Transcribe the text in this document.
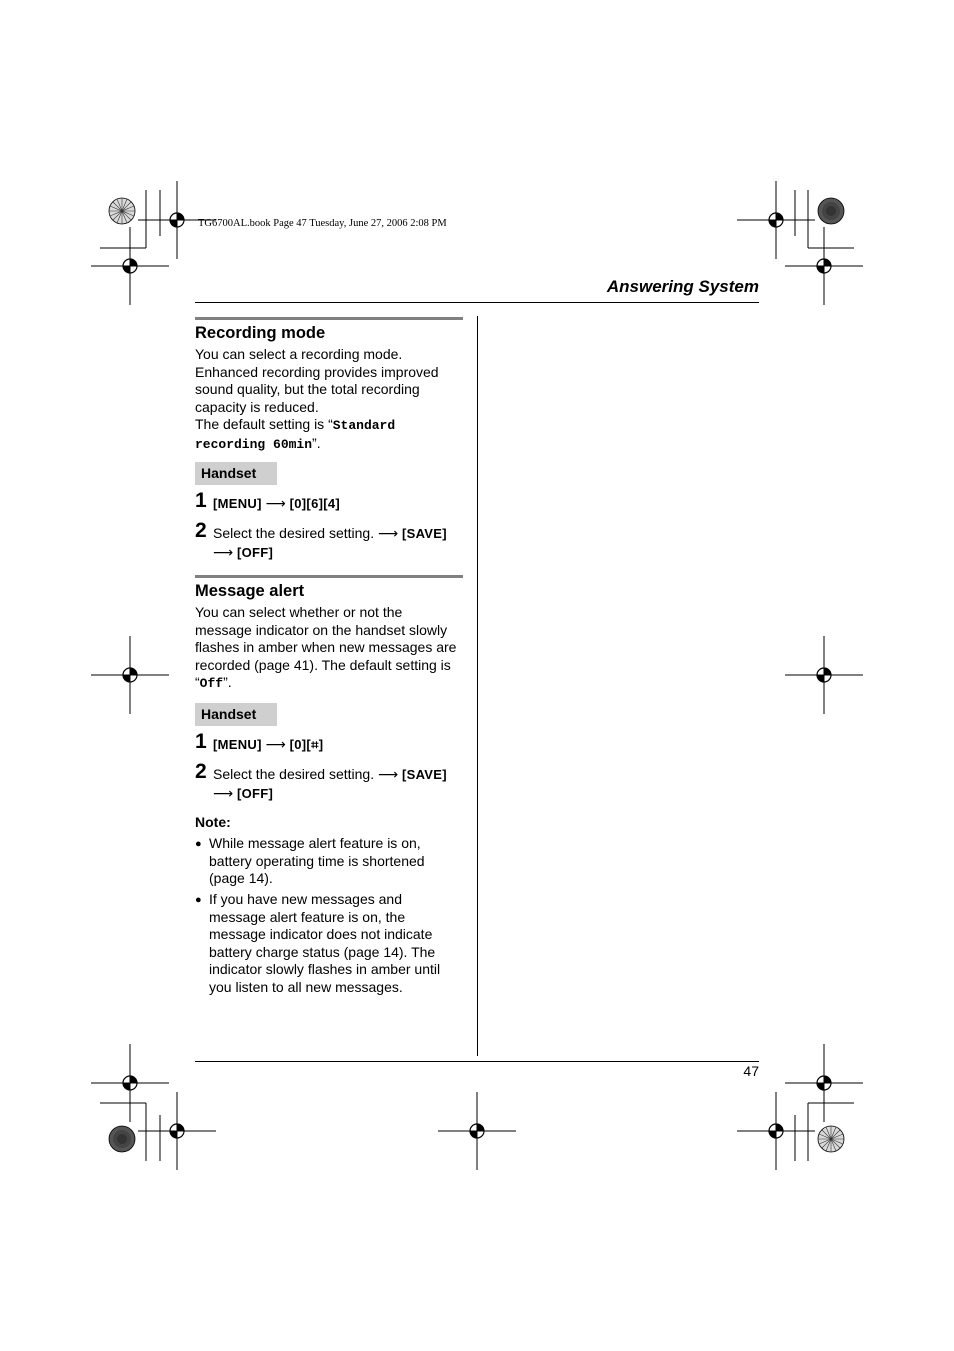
TG6700AL.book Page 47 Tuesday, June 27, 2006 2:08 PM
Answering System
Recording mode
You can select a recording mode.
Enhanced recording provides improved
sound quality, but the total recording
capacity is reduced.
The default setting is “Standard
recording 60min”.
Handset
1 [MENU] ⟶ [0][6][4]
2 Select the desired setting. ⟶ [SAVE]
⟶ [OFF]
Message alert
You can select whether or not the
message indicator on the handset slowly
flashes in amber when new messages are
recorded (page 41). The default setting is
“Off”.
Handset
1 [MENU] ⟶ [0][⌗]
2 Select the desired setting. ⟶ [SAVE]
⟶ [OFF]
Note:
● While message alert feature is on,
battery operating time is shortened
(page 14).
● If you have new messages and
message alert feature is on, the
message indicator does not indicate
battery charge status (page 14). The
indicator slowly flashes in amber until
you listen to all new messages.
47
